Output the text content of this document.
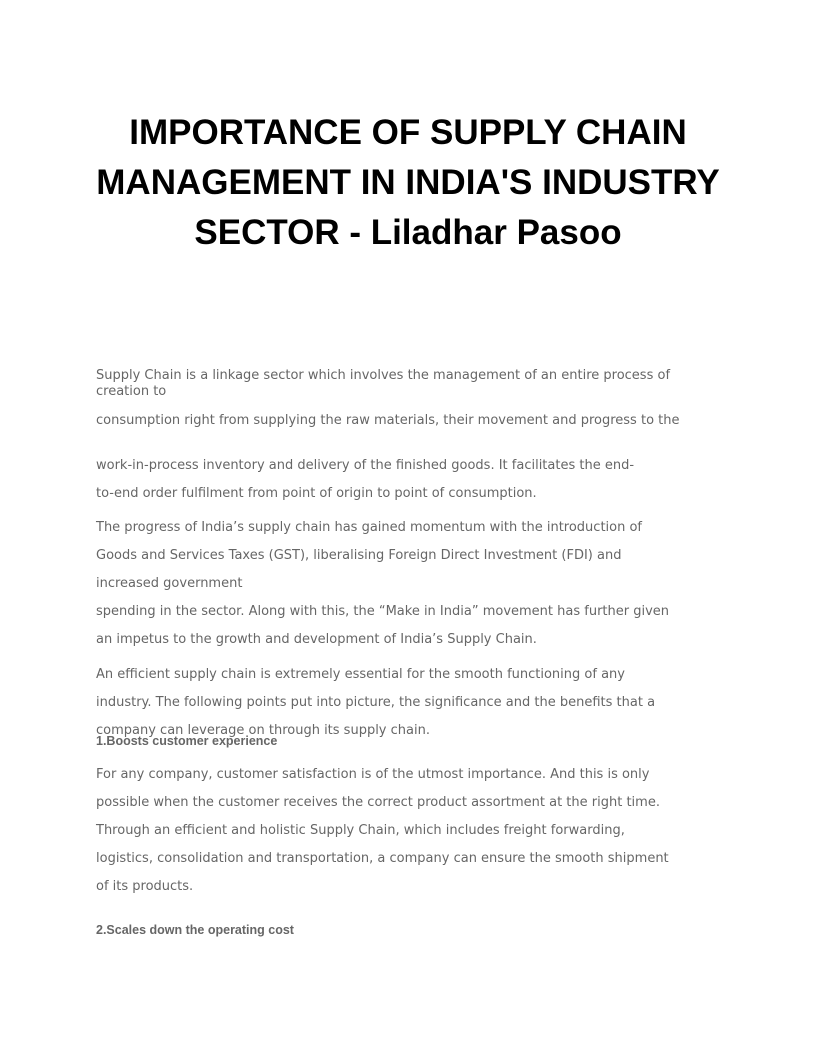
IMPORTANCE OF SUPPLY CHAIN MANAGEMENT IN INDIA'S INDUSTRY SECTOR - Liladhar Pasoo

Supply Chain is a linkage sector which involves the management of an entire process of creation to

consumption right from supplying the raw materials, their movement and progress to the

work-in-process inventory and delivery of the finished goods. It facilitates the end-

to-end order fulfilment from point of origin to point of consumption.

The progress of India’s supply chain has gained momentum with the introduction of

Goods and Services Taxes (GST), liberalising Foreign Direct Investment (FDI) and

increased government

spending in the sector. Along with this, the “Make in India” movement has further given

an impetus to the growth and development of India’s Supply Chain.

An efficient supply chain is extremely essential for the smooth functioning of any

industry. The following points put into picture, the significance and the benefits that a

company can leverage on through its supply chain.

1.Boosts customer experience

For any company, customer satisfaction is of the utmost importance. And this is only

possible when the customer receives the correct product assortment at the right time.

Through an efficient and holistic Supply Chain, which includes freight forwarding,

logistics, consolidation and transportation, a company can ensure the smooth shipment

of its products.

2.Scales down the operating cost
